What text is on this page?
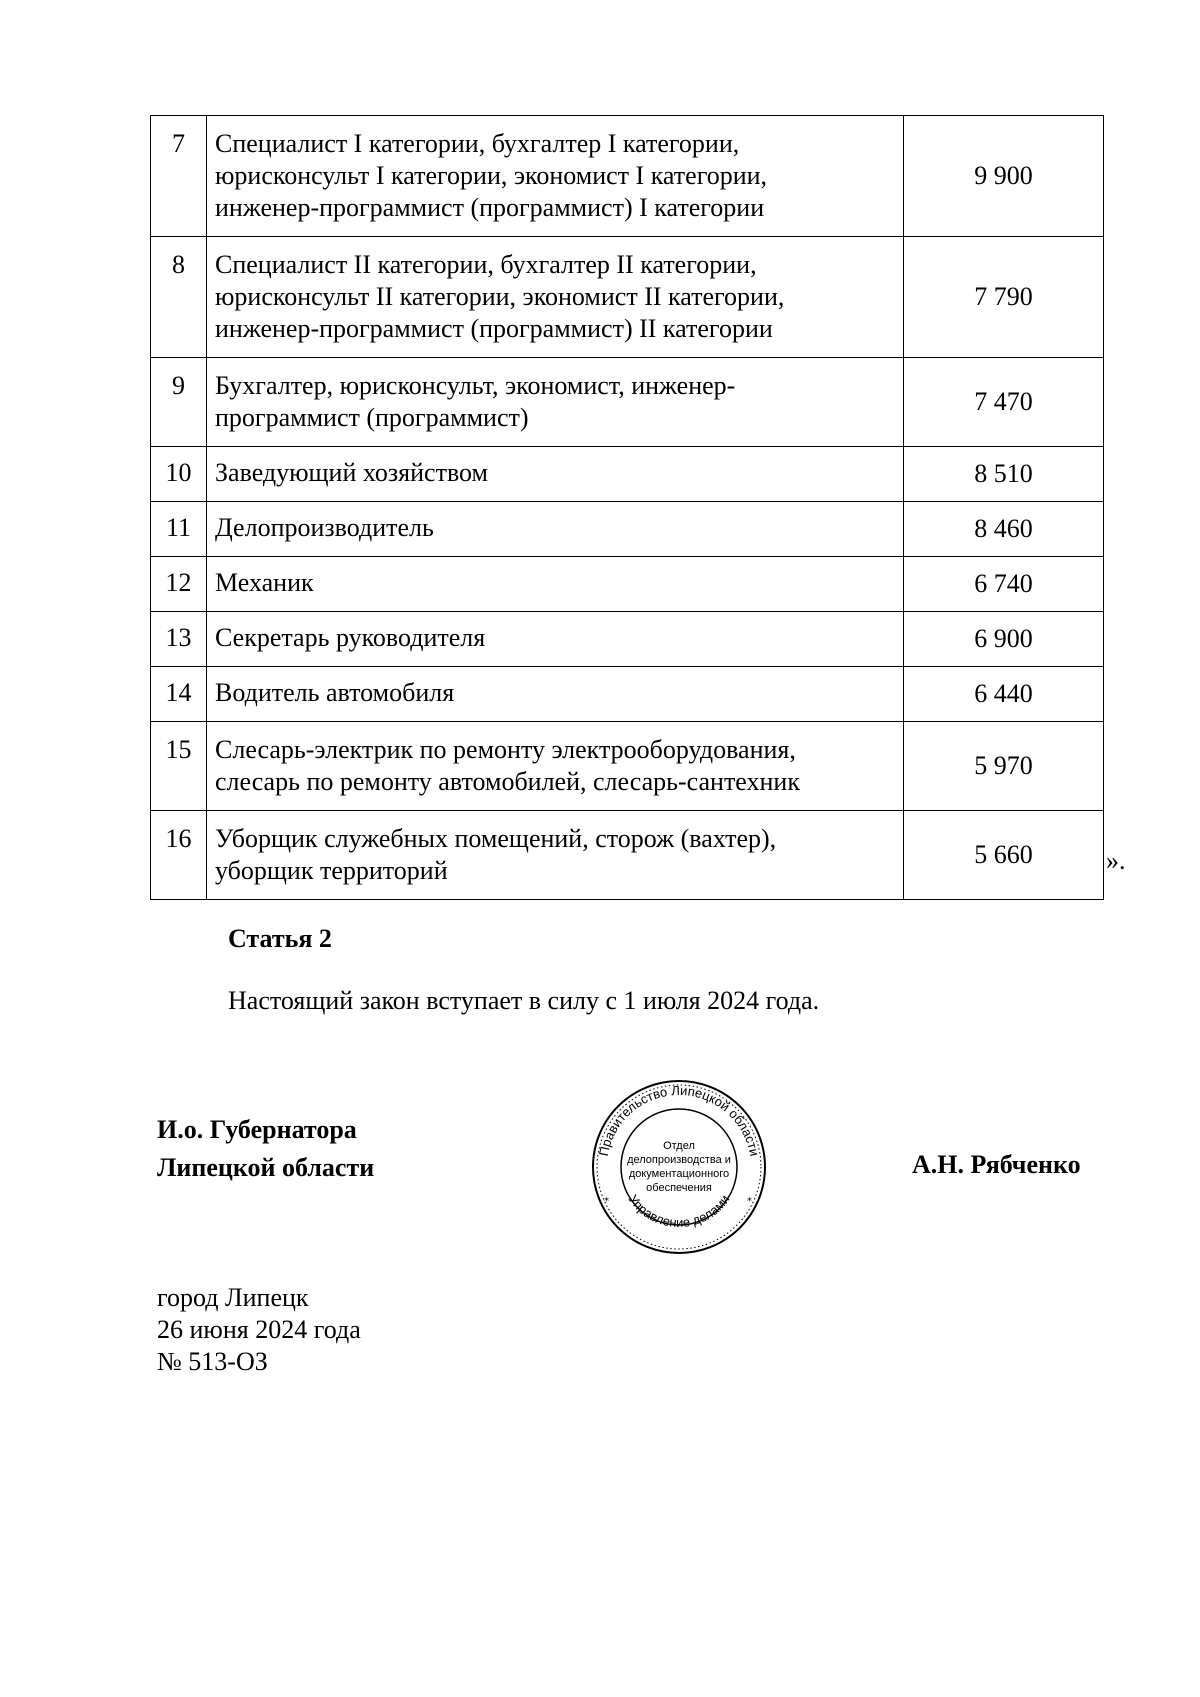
7	Специалист I категории, бухгалтер I категории,
юрисконсульт I категории, экономист I категории,
инженер-программист (программист) I категории	9 900
8	Специалист II категории, бухгалтер II категории,
юрисконсульт II категории, экономист II категории,
инженер-программист (программист) II категории	7 790
9	Бухгалтер, юрисконсульт, экономист, инженер-
программист (программист)	7 470
10	Заведующий хозяйством	8 510
11	Делопроизводитель	8 460
12	Механик	6 740
13	Секретарь руководителя	6 900
14	Водитель автомобиля	6 440
15	Слесарь-электрик по ремонту электрооборудования,
слесарь по ремонту автомобилей, слесарь-сантехник	5 970
16	Уборщик служебных помещений, сторож (вахтер),
уборщик территорий	5 660	».
Статья 2
Настоящий закон вступает в силу с 1 июля 2024 года.
И.о. Губернатора
Липецкой области
Правительство Липецкой области
Управление делами
*	*
Отдел
делопроизводства и
документационного
обеспечения
А.Н. Рябченко
город Липецк
26 июня 2024 года
№ 513-ОЗ
